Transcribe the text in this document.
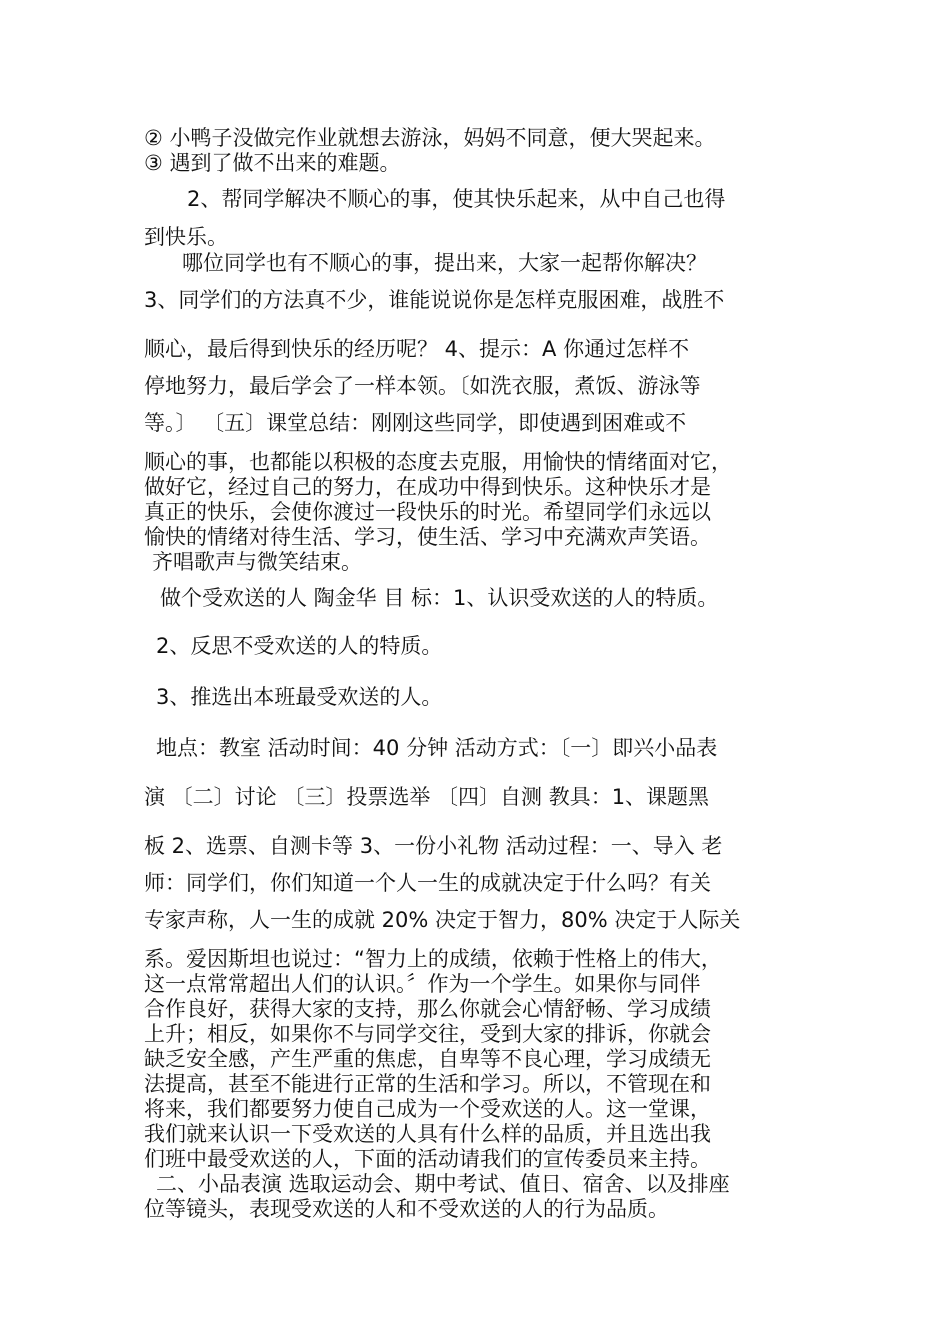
② 小鸭子没做完作业就想去游泳，妈妈不同意，便大哭起来。
③ 遇到了做不出来的难题。
2、帮同学解决不顺心的事，使其快乐起来，从中自己也得
到快乐。
哪位同学也有不顺心的事，提出来，大家一起帮你解决？
3、同学们的方法真不少，谁能说说你是怎样克服困难，战胜不
顺心，最后得到快乐的经历呢？ 4、提示：A 你通过怎样不
停地努力，最后学会了一样本领。〔如洗衣服，煮饭、游泳等
等。〕 〔五〕课堂总结：刚刚这些同学，即使遇到困难或不
顺心的事，也都能以积极的态度去克服，用愉快的情绪面对它，
做好它，经过自己的努力，在成功中得到快乐。这种快乐才是
真正的快乐，会使你渡过一段快乐的时光。希望同学们永远以
愉快的情绪对待生活、学习，使生活、学习中充满欢声笑语。
齐唱歌声与微笑结束。
做个受欢送的人 陶金华 目 标：1、认识受欢送的人的特质。
2、反思不受欢送的人的特质。
3、推选出本班最受欢送的人。
地点：教室 活动时间：40 分钟 活动方式：〔一〕即兴小品表
演 〔二〕讨论 〔三〕投票选举 〔四〕自测 教具：1、课题黑
板 2、选票、自测卡等 3、一份小礼物 活动过程：一、导入 老
师：同学们，你们知道一个人一生的成就决定于什么吗？有关
专家声称，人一生的成就 20% 决定于智力，80% 决定于人际关
系。爱因斯坦也说过：“智力上的成绩，依赖于性格上的伟大，
这一点常常超出人们的认识。〞作为一个学生。如果你与同伴
合作良好，获得大家的支持，那么你就会心情舒畅、学习成绩
上升；相反，如果你不与同学交往，受到大家的排诉，你就会
缺乏安全感，产生严重的焦虑，自卑等不良心理，学习成绩无
法提高，甚至不能进行正常的生活和学习。所以，不管现在和
将来，我们都要努力使自己成为一个受欢送的人。这一堂课，
我们就来认识一下受欢送的人具有什么样的品质，并且选出我
们班中最受欢送的人，下面的活动请我们的宣传委员来主持。
二、小品表演 选取运动会、期中考试、值日、宿舍、以及排座
位等镜头，表现受欢送的人和不受欢送的人的行为品质。
